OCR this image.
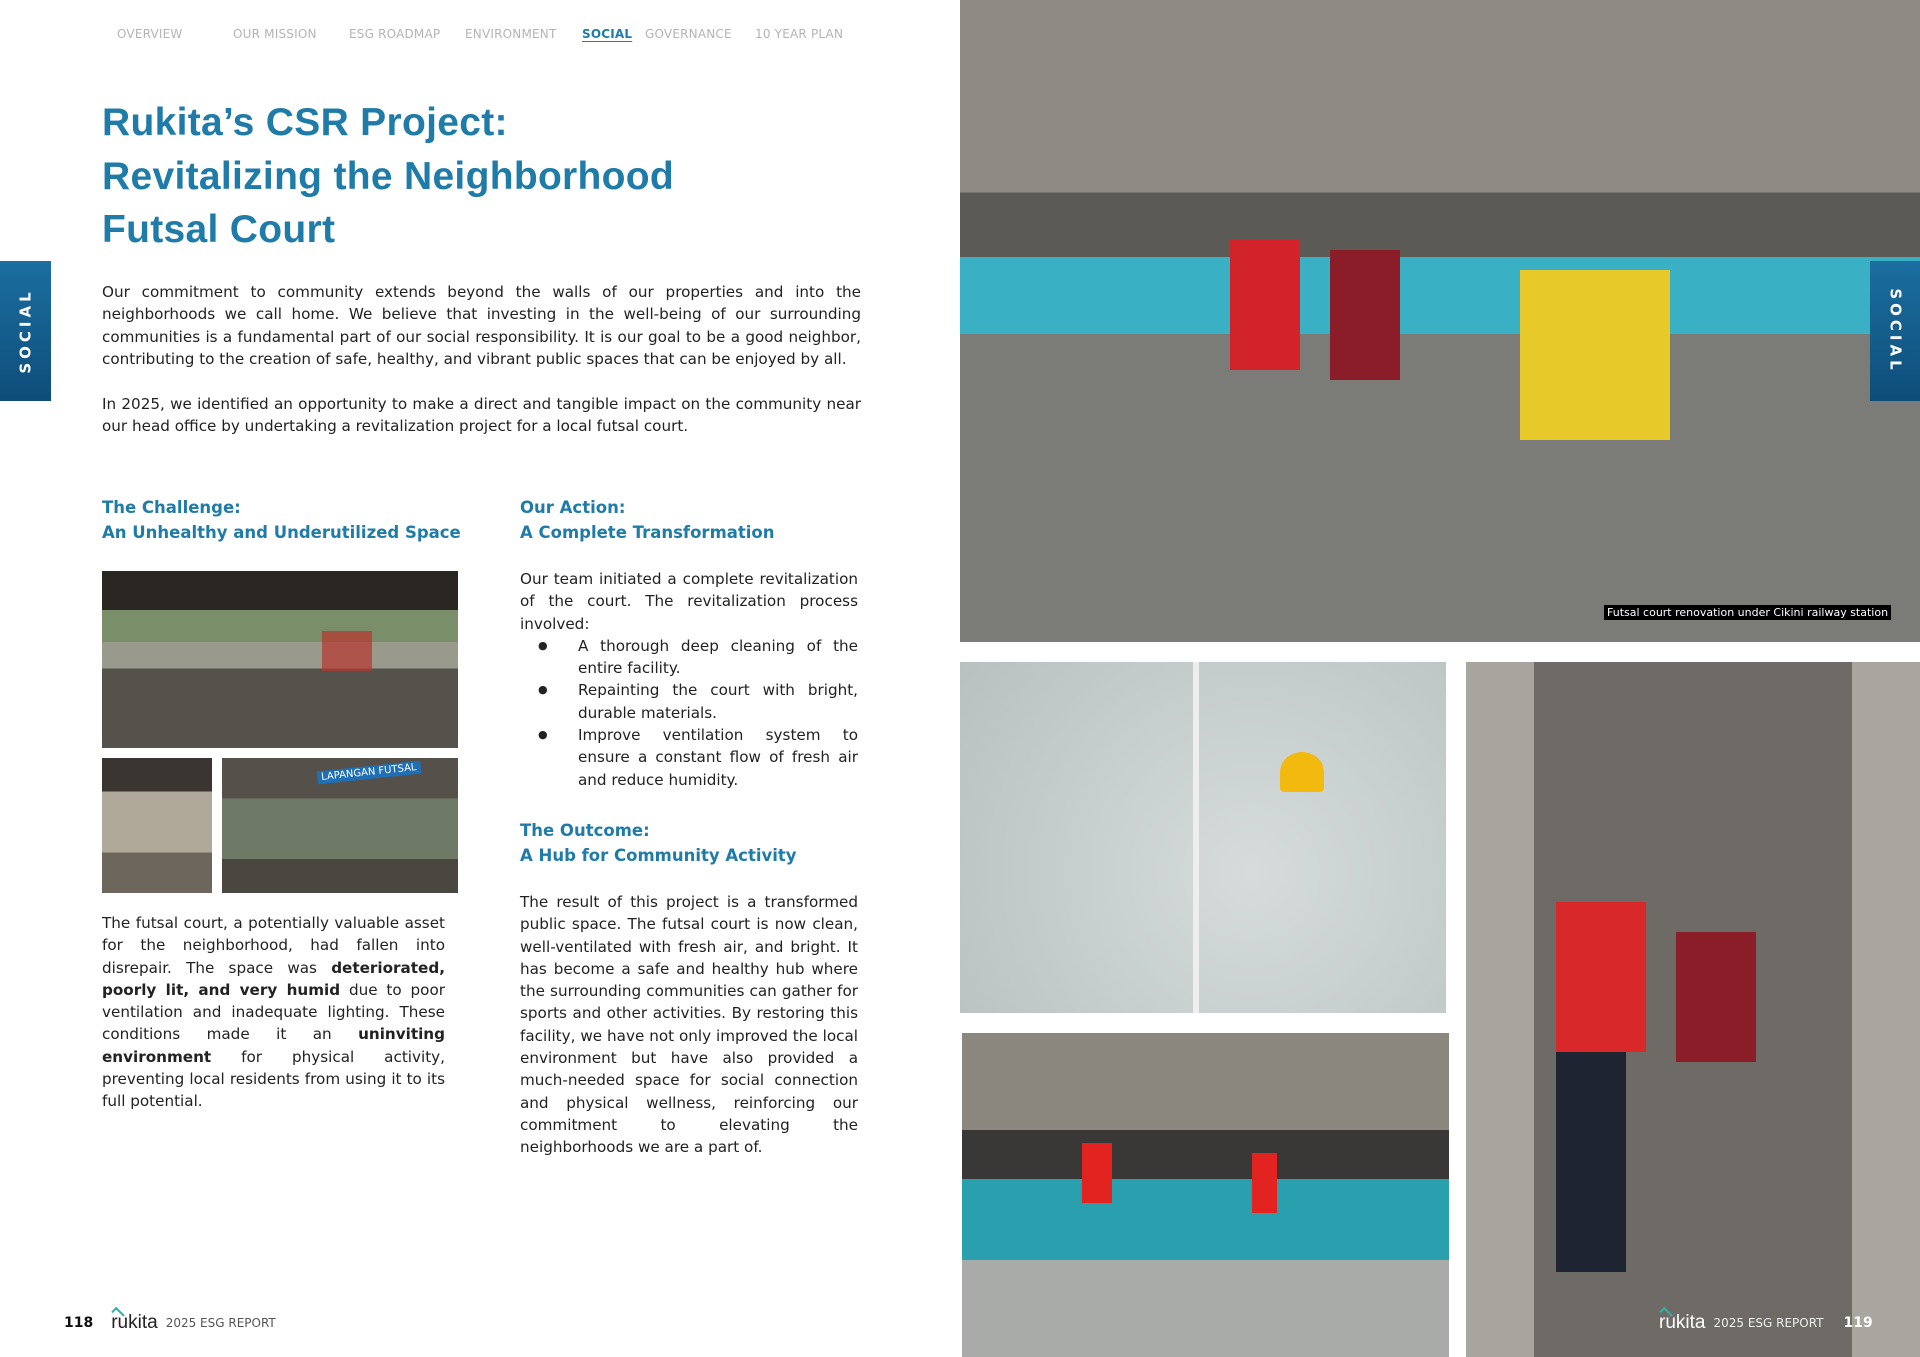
OVERVIEW	OUR MISSION	ESG ROADMAP ENVIRONMENT SOCIAL GOVERNANCE 10 YEAR PLAN
SOCIAL
Rukita’s CSR Project:
Revitalizing the Neighborhood
Futsal Court

Our commitment to community extends beyond the walls of our properties and into the neighborhoods we call home. We believe that investing in the well-being of our surrounding communities is a fundamental part of our social responsibility. It is our goal to be a good neighbor, contributing to the creation of safe, healthy, and vibrant public spaces that can be enjoyed by all.

In 2025, we identified an opportunity to make a direct and tangible impact on the community near our head office by undertaking a revitalization project for a local futsal court.

The Challenge:
An Unhealthy and Underutilized Space
LAPANGAN FUTSAL

The futsal court, a potentially valuable asset for the neighborhood, had fallen into disrepair. The space was deteriorated, poorly lit, and very humid due to poor ventilation and inadequate lighting. These conditions made it an uninviting environment for physical activity, preventing local residents from using it to its full potential.

Our Action:
A Complete Transformation
Our team initiated a complete revitalization of the court. The revitalization process involved:
● A thorough deep cleaning of the entire facility.
● Repainting the court with bright, durable materials.
● Improve ventilation system to ensure a constant flow of fresh air and reduce humidity.
The Outcome:
A Hub for Community Activity

The result of this project is a transformed public space. The futsal court is now clean, well-ventilated with fresh air, and bright. It has become a safe and healthy hub where the surrounding communities can gather for sports and other activities. By restoring this facility, we have not only improved the local environment but have also provided a much-needed space for social connection and physical wellness, reinforcing our commitment to elevating the neighborhoods we are a part of.

118 rukita 2025 ESG REPORT
Futsal court renovation under Cikini railway station
SOCIAL
rukita 2025 ESG REPORT 119
